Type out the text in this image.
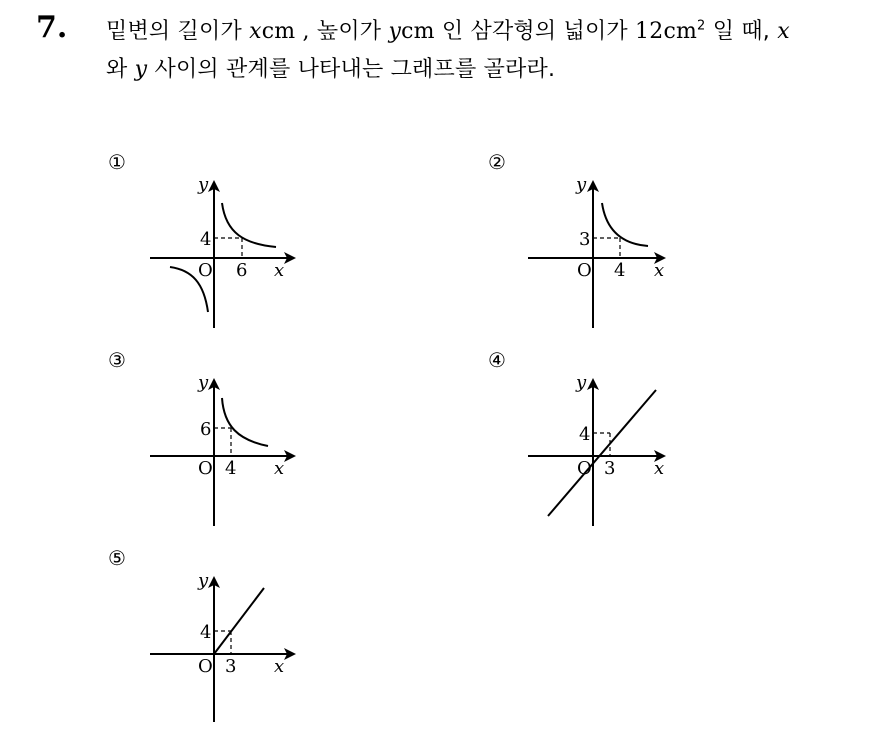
7. 밑변의 길이가 xcm , 높이가 ycm 인 삼각형의 넓이가 $12cm^2$ 일 때, x
와 y 사이의 관계를 나타내는 그래프를 골라라.
①
y
x
O
4
6
②
y
x
O
3
4
③
y
x
O
6
4
④
y
x
O
4
3
⑤
y
x
O
4
3
